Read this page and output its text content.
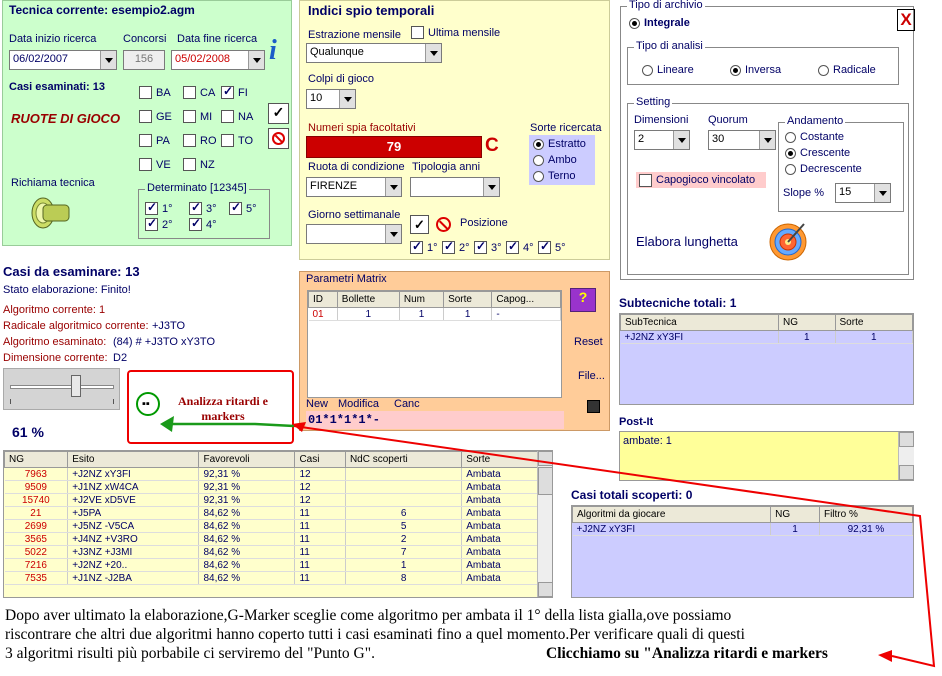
Tecnica corrente: esempio2.agm
Data inizio ricerca
06/02/2007
Concorsi
156
Data fine ricerca
05/02/2008	i
Casi esaminati: 13
RUOTE DI GIOCO
BA	CA ✓ FI
GE	MI NA
PA	RO TO
VE	NZ
✓
Richiama tecnica	Determinato [12345]
✓
1° ✓	3° ✓	5°
✓
2° ✓	4°
Indici spio temporali
Estrazione mensile Ultima mensile
Qualunque
Colpi di gioco
10
Numeri spia facoltativi
79	C
Sorte ricercata
Estratto
Ambo
Terno
Ruota di condizione
FIRENZE
Tipologia anni
Giorno settimanale
✓	Posizione
✓
1° ✓ 2° ✓ 3° ✓ 4° ✓ 5°
Tipo di archivio
Integrale	X
Tipo di analisi
Lineare	Inversa	Radicale
Setting
Dimensioni
2
Quorum
30
Andamento
Costante
Crescente
Decrescente
Slope %	15
Capogioco vincolato
Elabora lunghetta
Casi da esaminare: 13
Stato elaborazione: Finito!
Algoritmo corrente: 1
Radicale algoritmico corrente: +J3TO
Algoritmo esaminato: (84) # +J3TO xY3TO
Dimensione corrente: D2
61 %
▪▪	Analizza ritardi e markers
Parametri Matrix
ID	Bollette	Num	Sorte	Capog...
01	1	1	1	-
New Modifica Canc
01*1*1*1*-
?
Reset
File...
NG	Esito	Favorevoli	Casi	NdC scoperti	Sorte
7963	+J2NZ xY3FI	92,31 %	12		Ambata
9509	+J1NZ xW4CA	92,31 %	12		Ambata
15740	+J2VE xD5VE	92,31 %	12		Ambata
21	+J5PA	84,62 %	11	6	Ambata
2699	+J5NZ -V5CA	84,62 %	11	5	Ambata
3565	+J4NZ +V3RO	84,62 %	11	2	Ambata
5022	+J3NZ +J3MI	84,62 %	11	7	Ambata
7216	+J2NZ +20..	84,62 %	11	1	Ambata
7535	+J1NZ -J2BA	84,62 %	11	8	Ambata
Subtecniche totali: 1
SubTecnica	NG	Sorte
+J2NZ xY3FI	1	1
Post-It
ambate: 1
Casi totali scoperti: 0
Algoritmi da giocare	NG	Filtro %
+J2NZ xY3FI	1	92,31 %
Dopo aver ultimato la elaborazione,G-Marker sceglie come algoritmo per ambata il 1° della lista gialla,ove possiamo
riscontrare che altri due algoritmi hanno coperto tutti i casi esaminati fino a quel momento.Per verificare quali di questi
3 algoritmi risulti più porbabile ci serviremo del "Punto G".	Clicchiamo su "Analizza ritardi e markers
